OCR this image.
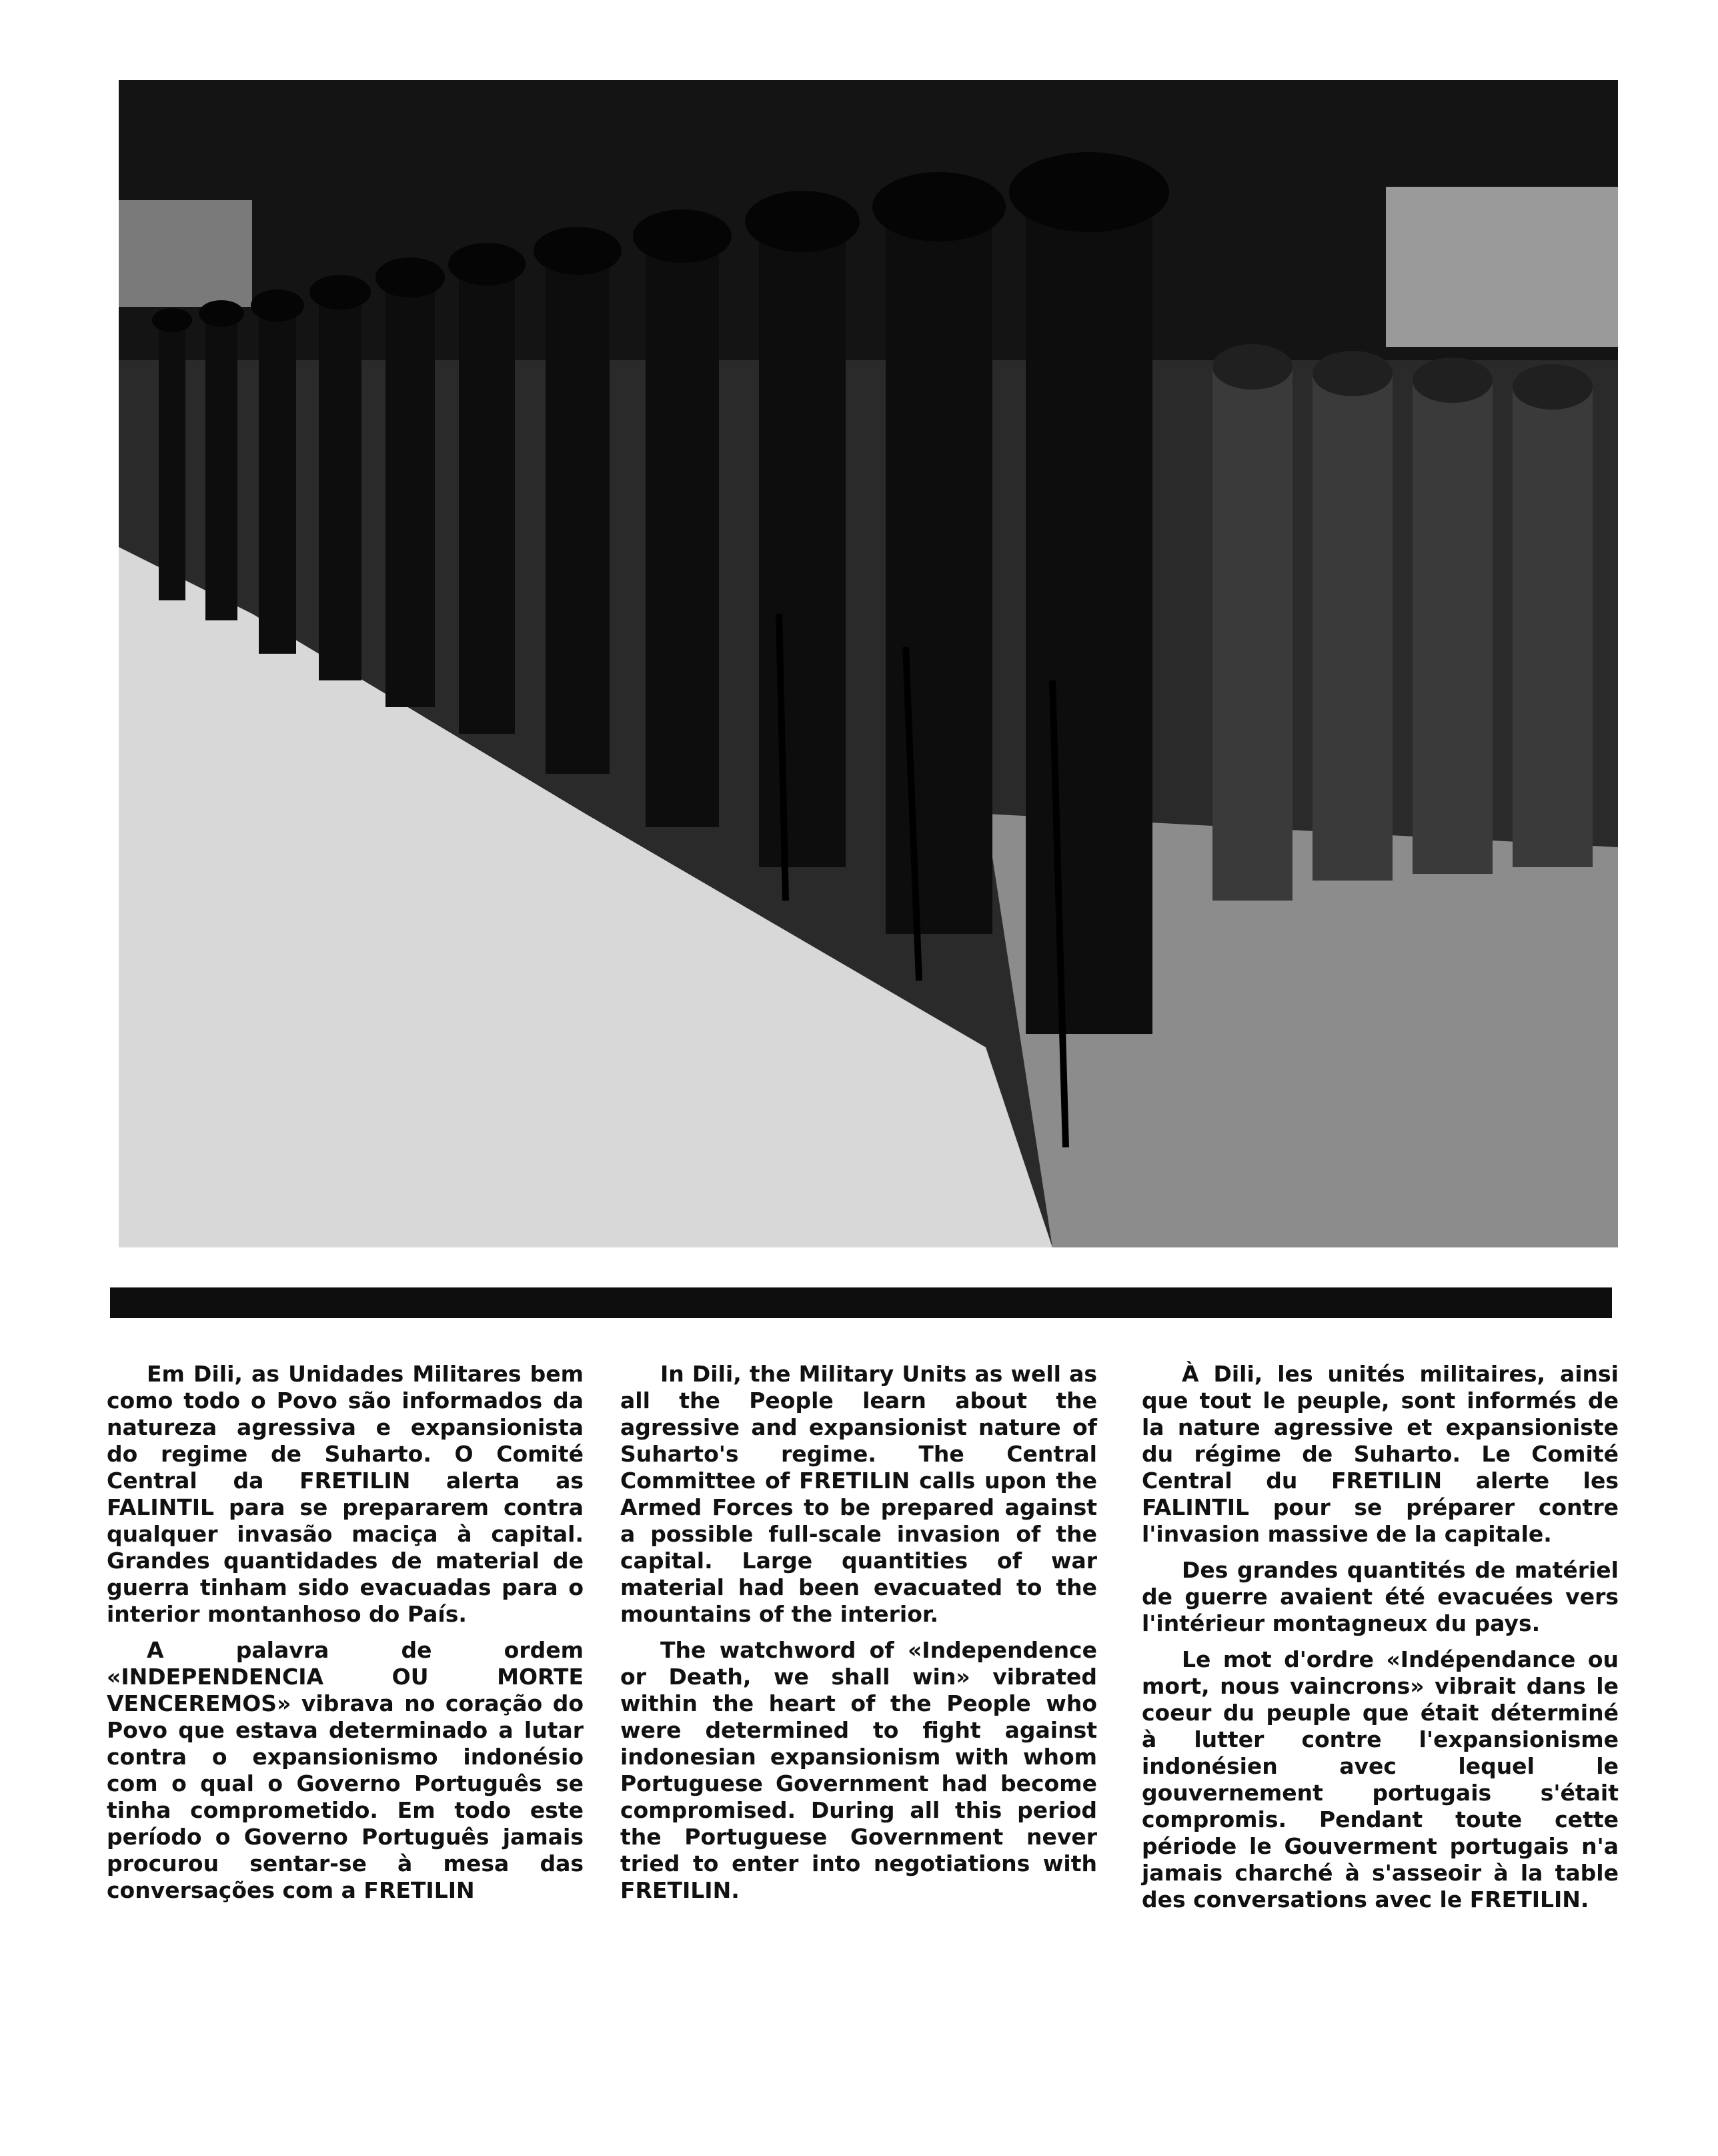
Em Dili, as Unidades Militares bem como todo o Povo são informados da natureza agressiva e expansionista do regime de Suharto. O Comité Central da FRETILIN alerta as FALINTIL para se prepararem contra qualquer invasão maciça à capital. Grandes quantidades de material de guerra tinham sido evacuadas para o interior montanhoso do País.

A palavra de ordem «INDEPENDENCIA OU MORTE VENCEREMOS» vibrava no coração do Povo que estava determinado a lutar contra o expansionismo indonésio com o qual o Governo Português se tinha comprometido. Em todo este período o Governo Português jamais procurou sentar-se à mesa das conversações com a FRETILIN

In Dili, the Military Units as well as all the People learn about the agressive and expansionist nature of Suharto's regime. The Central Committee of FRETILIN calls upon the Armed Forces to be prepared against a possible full-scale invasion of the capital. Large quantities of war material had been evacuated to the mountains of the interior.

The watchword of «Independence or Death, we shall win» vibrated within the heart of the People who were determined to fight against indonesian expansionism with whom Portuguese Government had become compromised. During all this period the Portuguese Government never tried to enter into negotiations with FRETILIN.

À Dili, les unités militaires, ainsi que tout le peuple, sont informés de la nature agressive et expansioniste du régime de Suharto. Le Comité Central du FRETILIN alerte les FALINTIL pour se préparer contre l'invasion massive de la capitale.

Des grandes quantités de matériel de guerre avaient été evacuées vers l'intérieur montagneux du pays.

Le mot d'ordre «Indépendance ou mort, nous vaincrons» vibrait dans le coeur du peuple que était déterminé à lutter contre l'expansionisme indonésien avec lequel le gouvernement portugais s'était compromis. Pendant toute cette période le Gouverment portugais n'a jamais charché à s'asseoir à la table des conversations avec le FRETILIN.
